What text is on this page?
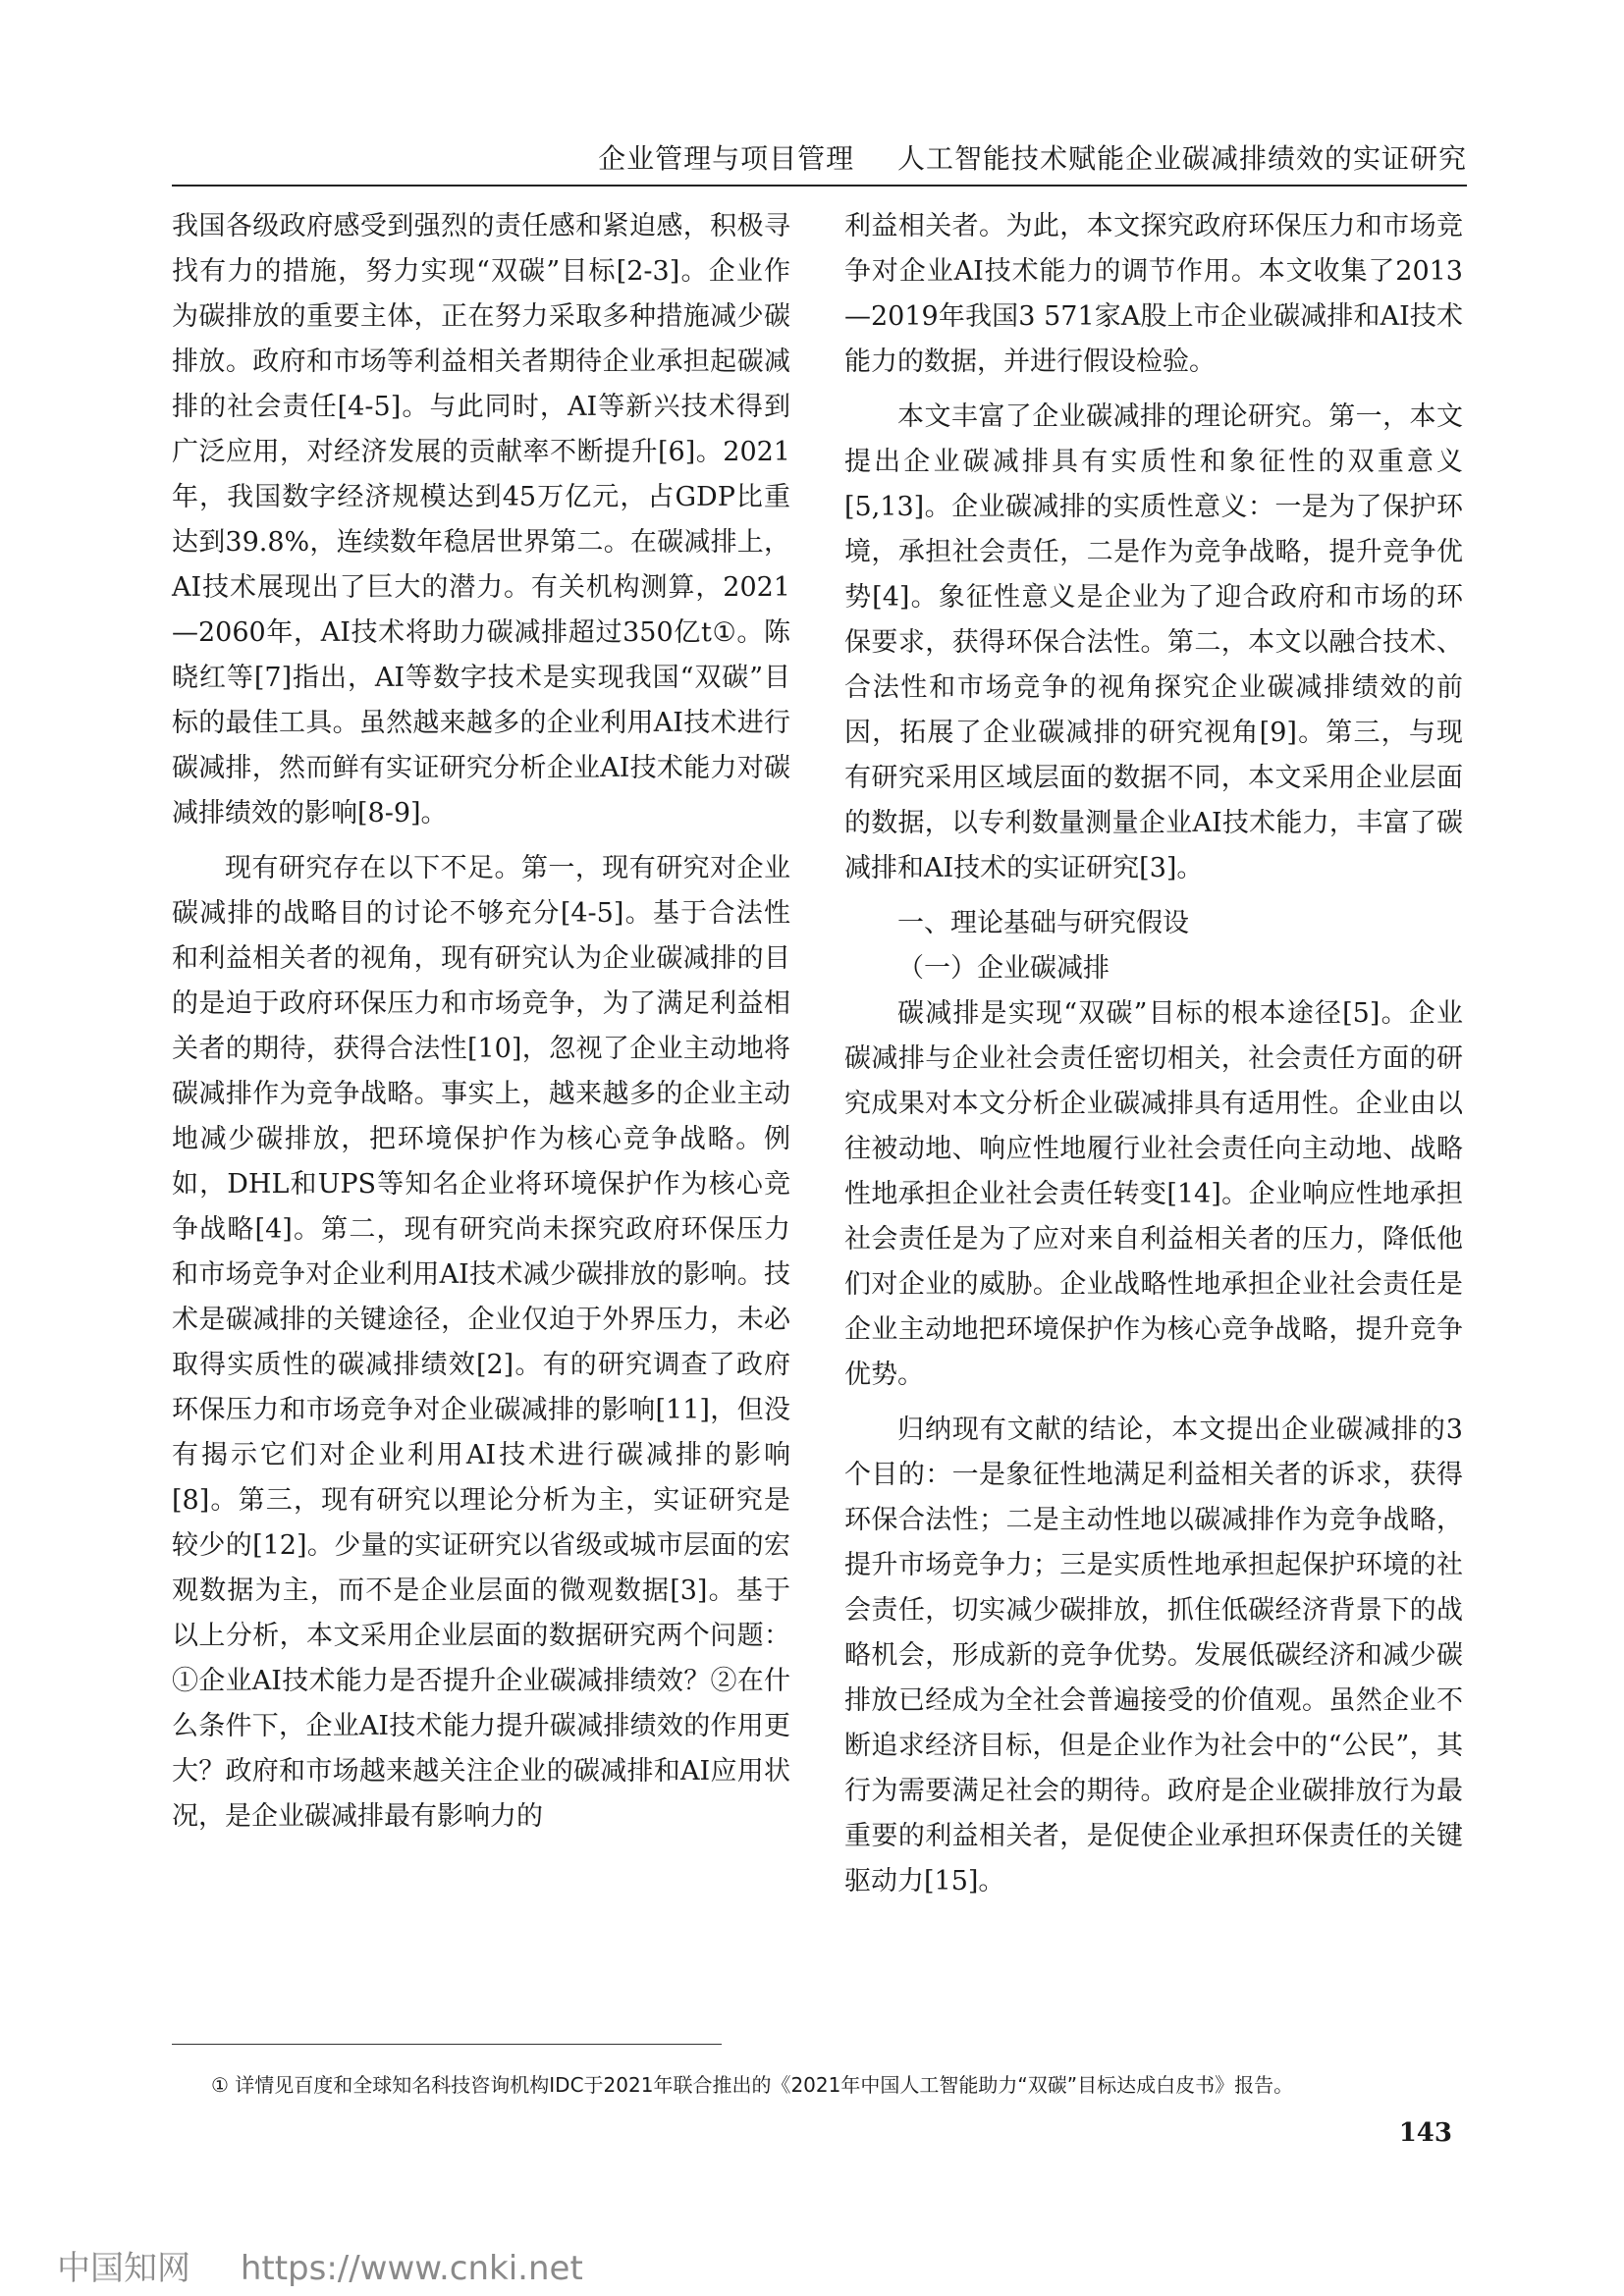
企业管理与项目管理 人工智能技术赋能企业碳减排绩效的实证研究

我国各级政府感受到强烈的责任感和紧迫感，积极寻找有力的措施，努力实现“双碳”目标[2-3]。企业作为碳排放的重要主体，正在努力采取多种措施减少碳排放。政府和市场等利益相关者期待企业承担起碳减排的社会责任[4-5]。与此同时，AI等新兴技术得到广泛应用，对经济发展的贡献率不断提升[6]。2021年，我国数字经济规模达到45万亿元，占GDP比重达到39.8%，连续数年稳居世界第二。在碳减排上，AI技术展现出了巨大的潜力。有关机构测算，2021—2060年，AI技术将助力碳减排超过350亿t①。陈晓红等[7]指出，AI等数字技术是实现我国“双碳”目标的最佳工具。虽然越来越多的企业利用AI技术进行碳减排，然而鲜有实证研究分析企业AI技术能力对碳减排绩效的影响[8-9]。

现有研究存在以下不足。第一，现有研究对企业碳减排的战略目的讨论不够充分[4-5]。基于合法性和利益相关者的视角，现有研究认为企业碳减排的目的是迫于政府环保压力和市场竞争，为了满足利益相关者的期待，获得合法性[10]，忽视了企业主动地将碳减排作为竞争战略。事实上，越来越多的企业主动地减少碳排放，把环境保护作为核心竞争战略。例如，DHL和UPS等知名企业将环境保护作为核心竞争战略[4]。第二，现有研究尚未探究政府环保压力和市场竞争对企业利用AI技术减少碳排放的影响。技术是碳减排的关键途径，企业仅迫于外界压力，未必取得实质性的碳减排绩效[2]。有的研究调查了政府环保压力和市场竞争对企业碳减排的影响[11]，但没有揭示它们对企业利用AI技术进行碳减排的影响[8]。第三，现有研究以理论分析为主，实证研究是较少的[12]。少量的实证研究以省级或城市层面的宏观数据为主，而不是企业层面的微观数据[3]。基于以上分析，本文采用企业层面的数据研究两个问题：①企业AI技术能力是否提升企业碳减排绩效？②在什么条件下，企业AI技术能力提升碳减排绩效的作用更大？政府和市场越来越关注企业的碳减排和AI应用状况，是企业碳减排最有影响力的

利益相关者。为此，本文探究政府环保压力和市场竞争对企业AI技术能力的调节作用。本文收集了2013—2019年我国3 571家A股上市企业碳减排和AI技术能力的数据，并进行假设检验。

本文丰富了企业碳减排的理论研究。第一，本文提出企业碳减排具有实质性和象征性的双重意义[5,13]。企业碳减排的实质性意义：一是为了保护环境，承担社会责任，二是作为竞争战略，提升竞争优势[4]。象征性意义是企业为了迎合政府和市场的环保要求，获得环保合法性。第二，本文以融合技术、合法性和市场竞争的视角探究企业碳减排绩效的前因，拓展了企业碳减排的研究视角[9]。第三，与现有研究采用区域层面的数据不同，本文采用企业层面的数据，以专利数量测量企业AI技术能力，丰富了碳减排和AI技术的实证研究[3]。

一、理论基础与研究假设

（一）企业碳减排

碳减排是实现“双碳”目标的根本途径[5]。企业碳减排与企业社会责任密切相关，社会责任方面的研究成果对本文分析企业碳减排具有适用性。企业由以往被动地、响应性地履行业社会责任向主动地、战略性地承担企业社会责任转变[14]。企业响应性地承担社会责任是为了应对来自利益相关者的压力，降低他们对企业的威胁。企业战略性地承担企业社会责任是企业主动地把环境保护作为核心竞争战略，提升竞争优势。

归纳现有文献的结论，本文提出企业碳减排的3个目的：一是象征性地满足利益相关者的诉求，获得环保合法性；二是主动性地以碳减排作为竞争战略，提升市场竞争力；三是实质性地承担起保护环境的社会责任，切实减少碳排放，抓住低碳经济背景下的战略机会，形成新的竞争优势。发展低碳经济和减少碳排放已经成为全社会普遍接受的价值观。虽然企业不断追求经济目标，但是企业作为社会中的“公民”，其行为需要满足社会的期待。政府是企业碳排放行为最重要的利益相关者，是促使企业承担环保责任的关键驱动力[15]。

① 详情见百度和全球知名科技咨询机构IDC于2021年联合推出的《2021年中国人工智能助力“双碳”目标达成白皮书》报告。
143
中国知网 https://www.cnki.net
